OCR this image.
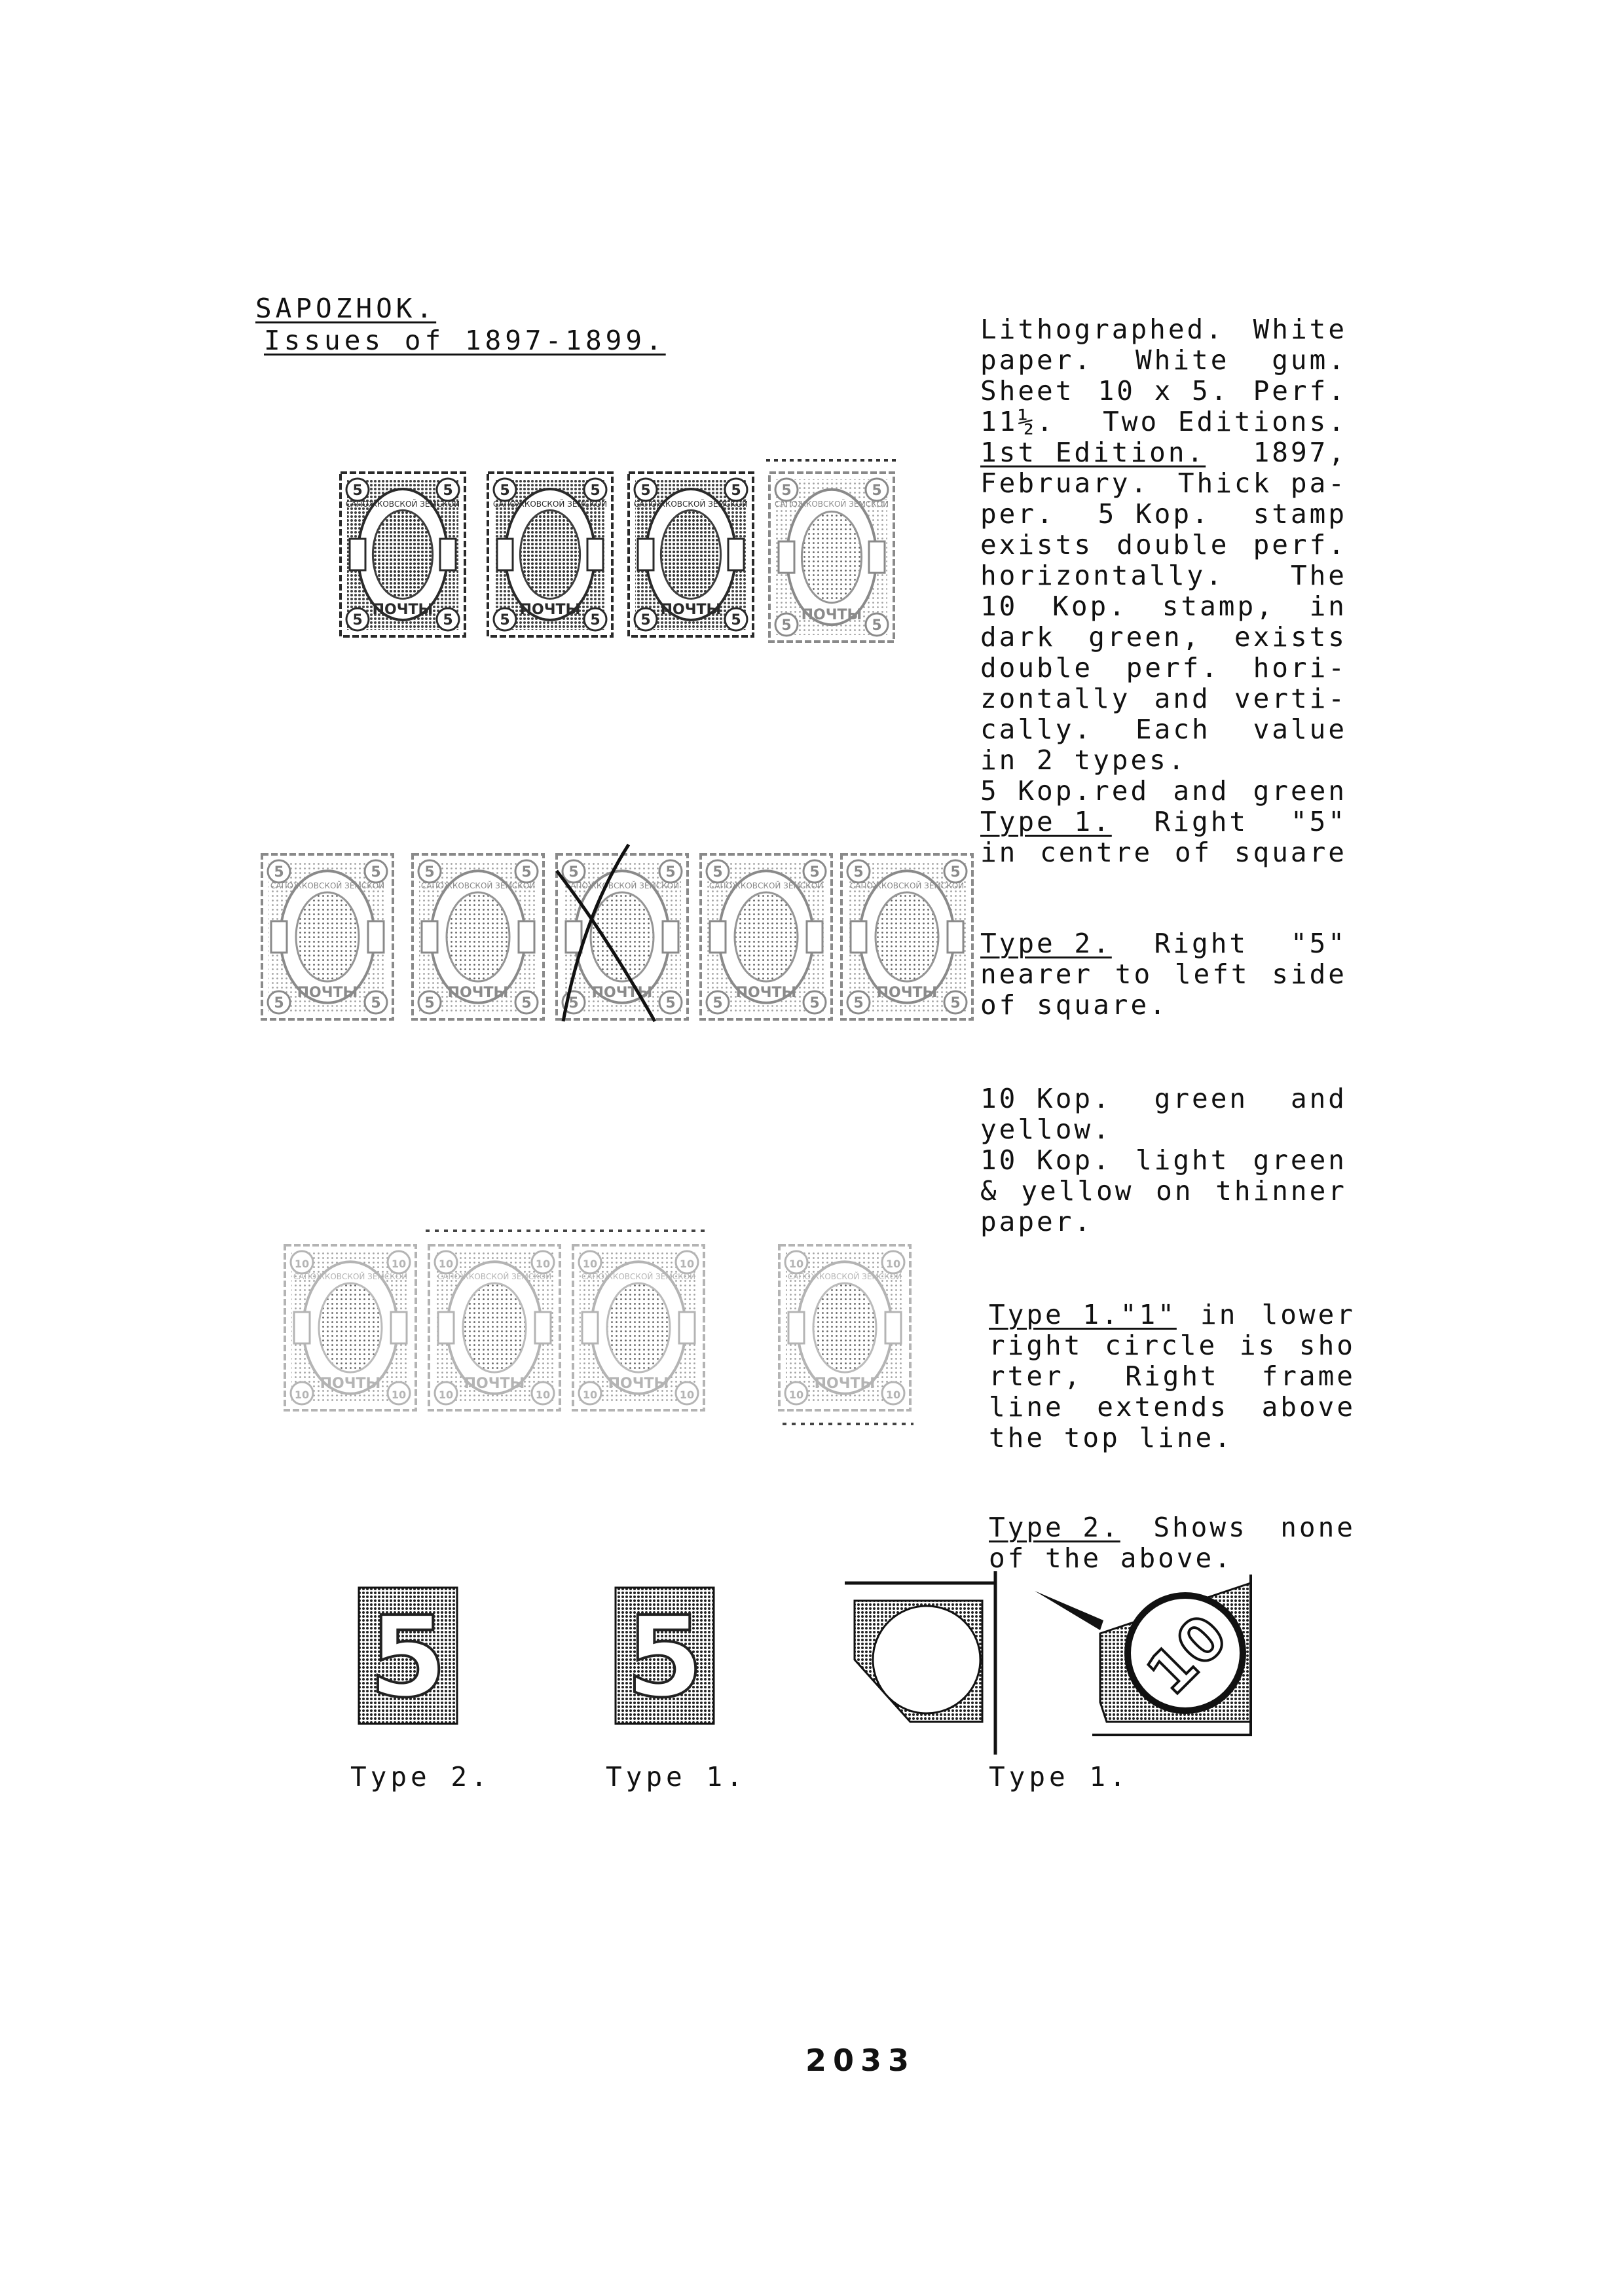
SAPOZHOK.
Issues of 1897-1899.	Lithographed. White
paper. White gum.
Sheet 10 x 5. Perf.
11½. Two Editions.
1st Edition. 1897,
February. Thick pa-
per. 5 Kop. stamp
exists double perf.
horizontally. The
10 Kop. stamp, in
dark green, exists
double perf. hori-
zontally and verti-
cally. Each value
in 2 types.
5 Kop.red and green
Type 1. Right "5"
in centre of square
Type 2. Right "5"
nearer to left side
of square.
10 Kop. green and
yellow.
10 Kop. light green
& yellow on thinner
paper.
Type 1."1" in lower
right circle is sho
rter, Right frame
line extends above
the top line.
Type 2. Shows none
of the above.
5	5
5	5
САПОЖКОВСКОЙ ЗЕМСКОЙ
ПОЧТЫ
5	5
5	5
САПОЖКОВСКОЙ ЗЕМСКОЙ
ПОЧТЫ
5	5
5	5
САПОЖКОВСКОЙ ЗЕМСКОЙ
ПОЧТЫ
5	5
5	5
САПОЖКОВСКОЙ ЗЕМСКОЙ
ПОЧТЫ
5	5
5	5
САПОЖКОВСКОЙ ЗЕМСКОЙ
ПОЧТЫ
5	5
5	5
САПОЖКОВСКОЙ ЗЕМСКОЙ
ПОЧТЫ
5	5
5	5
САПОЖКОВСКОЙ ЗЕМСКОЙ
ПОЧТЫ
5	5
5	5
САПОЖКОВСКОЙ ЗЕМСКОЙ
ПОЧТЫ
5	5
5	5
САПОЖКОВСКОЙ ЗЕМСКОЙ
ПОЧТЫ
10	10
10	10
САПОЖКОВСКОЙ ЗЕМСКОЙ
ПОЧТЫ
10	10
10	10
САПОЖКОВСКОЙ ЗЕМСКОЙ
ПОЧТЫ
10	10
10	10
САПОЖКОВСКОЙ ЗЕМСКОЙ
ПОЧТЫ
10	10
10	10
САПОЖКОВСКОЙ ЗЕМСКОЙ
ПОЧТЫ
5 5	10
Type 2.	Type 1.	Type 1.
2033
